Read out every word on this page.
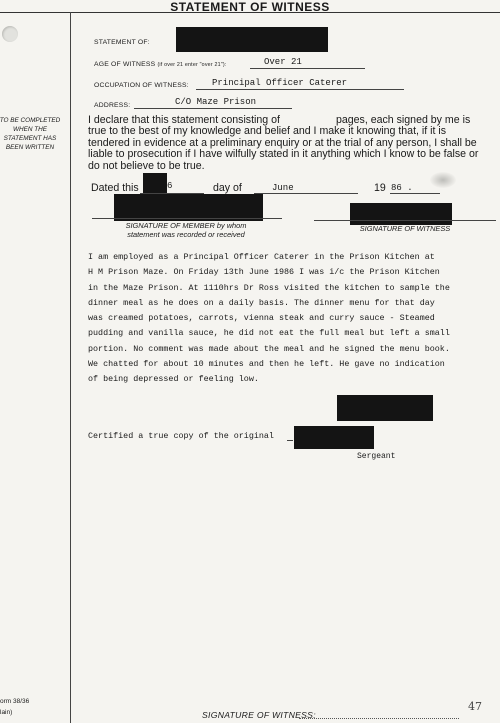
STATEMENT OF WITNESS
TO BE COMPLETED
WHEN THE
STATEMENT HAS
BEEN WRITTEN
orm 38/36
lain)
STATEMENT OF:
AGE OF WITNESS (if over 21 enter "over 21"):	Over 21
OCCUPATION OF WITNESS:	Principal Officer Caterer
ADDRESS:	C/O Maze Prison
I declare that this statement consisting of	pages, each signed by me is true to the best of my knowledge and belief and I make it knowing that, if it is tendered in evidence at a preliminary enquiry or at the trial of any person, I shall be liable to prosecution if I have wilfully stated in it anything which I know to be false or do not believe to be true.
Dated this	6	day of	June	19 86 .
SIGNATURE OF MEMBER by whom
statement was recorded or received
SIGNATURE OF WITNESS
I am employed as a Principal Officer Caterer in the Prison Kitchen at
H M Prison Maze. On Friday 13th June 1986 I was i/c the Prison Kitchen
in the Maze Prison. At 1110hrs Dr Ross visited the kitchen to sample the
dinner meal as he does on a daily basis. The dinner menu for that day
was creamed potatoes, carrots, vienna steak and curry sauce - Steamed
pudding and vanilla sauce, he did not eat the full meal but left a small
portion. No comment was made about the meal and he signed the menu book.
We chatted for about 10 minutes and then he left. He gave no indication
of being depressed or feeling low.
Certified a true copy of the original
Sergeant
47
SIGNATURE OF WITNESS:
